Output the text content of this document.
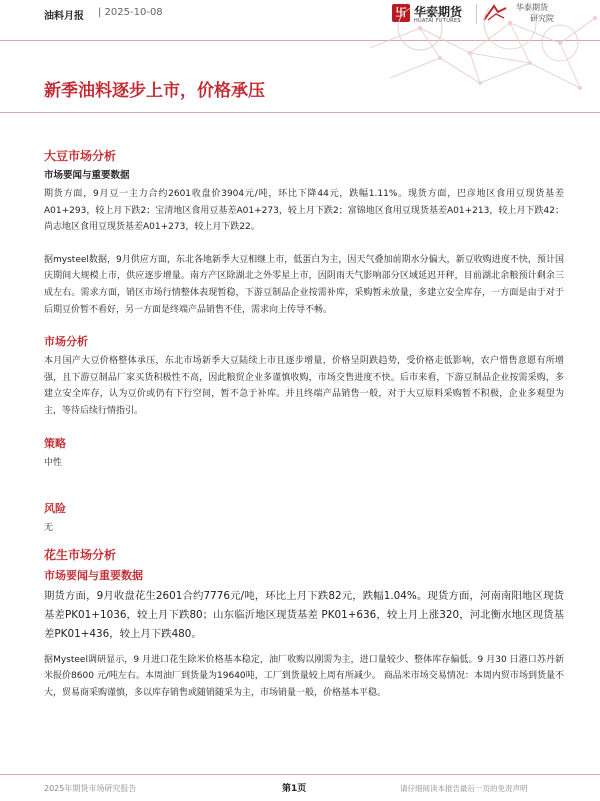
油料月报 | 2025-10-08	卐 华泰期货
HUATAI FUTURES
华泰期货
研究院
新季油料逐步上市，价格承压
大豆市场分析
市场要闻与重要数据

期货方面，9月豆一主力合约2601收盘价3904元/吨，环比下降44元，跌幅1.11%。现货方面，巴彦地区食用豆现货基差A01+293，较上月下跌2；宝清地区食用豆基差A01+273，较上月下跌2；富锦地区食用豆现货基差A01+213，较上月下跌42；尚志地区食用豆现货基差A01+273，较上月下跌22。

据mysteel数据，9月供应方面，东北各地新季大豆相继上市，低蛋白为主，因天气叠加前期水分偏大，新豆收购进度不快，预计国庆期间大规模上市，供应逐步增量。南方产区除湖北之外零星上市，因阴雨天气影响部分区域延迟开秤，目前湖北余粮预计剩余三成左右。需求方面，销区市场行情整体表现暂稳，下游豆制品企业按需补库，采购暂未放量，多建立安全库存，一方面是由于对于后期豆价暂不看好，另一方面是终端产品销售不佳，需求向上传导不畅。

市场分析

本月国产大豆价格整体承压，东北市场新季大豆陆续上市且逐步增量，价格呈阴跌趋势，受价格走低影响，农户惜售意愿有所增强，且下游豆制品厂家买货积极性不高，因此粮贸企业多谨慎收购，市场交售进度不快。后市来看，下游豆制品企业按需采购，多建立安全库存，认为豆价或仍有下行空间，暂不急于补库。并且终端产品销售一般，对于大豆原料采购暂不积极，企业多观望为主，等待后续行情指引。

策略

中性

风险

无

花生市场分析
市场要闻与重要数据

期货方面，9月收盘花生2601合约7776元/吨，环比上月下跌82元，跌幅1.04%。现货方面，河南南阳地区现货基差PK01+1036，较上月下跌80；山东临沂地区现货基差 PK01+636，较上月上涨320，河北衡水地区现货基差PK01+436，较上月下跌480。

据Mysteel调研显示，9 月进口花生除米价格基本稳定，油厂收购以刚需为主，进口量较少、整体库存偏低。9 月30 日港口苏丹新米报价8600 元/吨左右。本周油厂到货量为19640吨，工厂到货量较上周有所减少。 商品米市场交易情况：本周内贸市场到货量不大，贸易商采购谨慎，多以库存销售或随销随采为主，市场销量一般，价格基本平稳。

2025年期货市场研究报告	第1页	请仔细阅读本报告最后一页的免责声明
